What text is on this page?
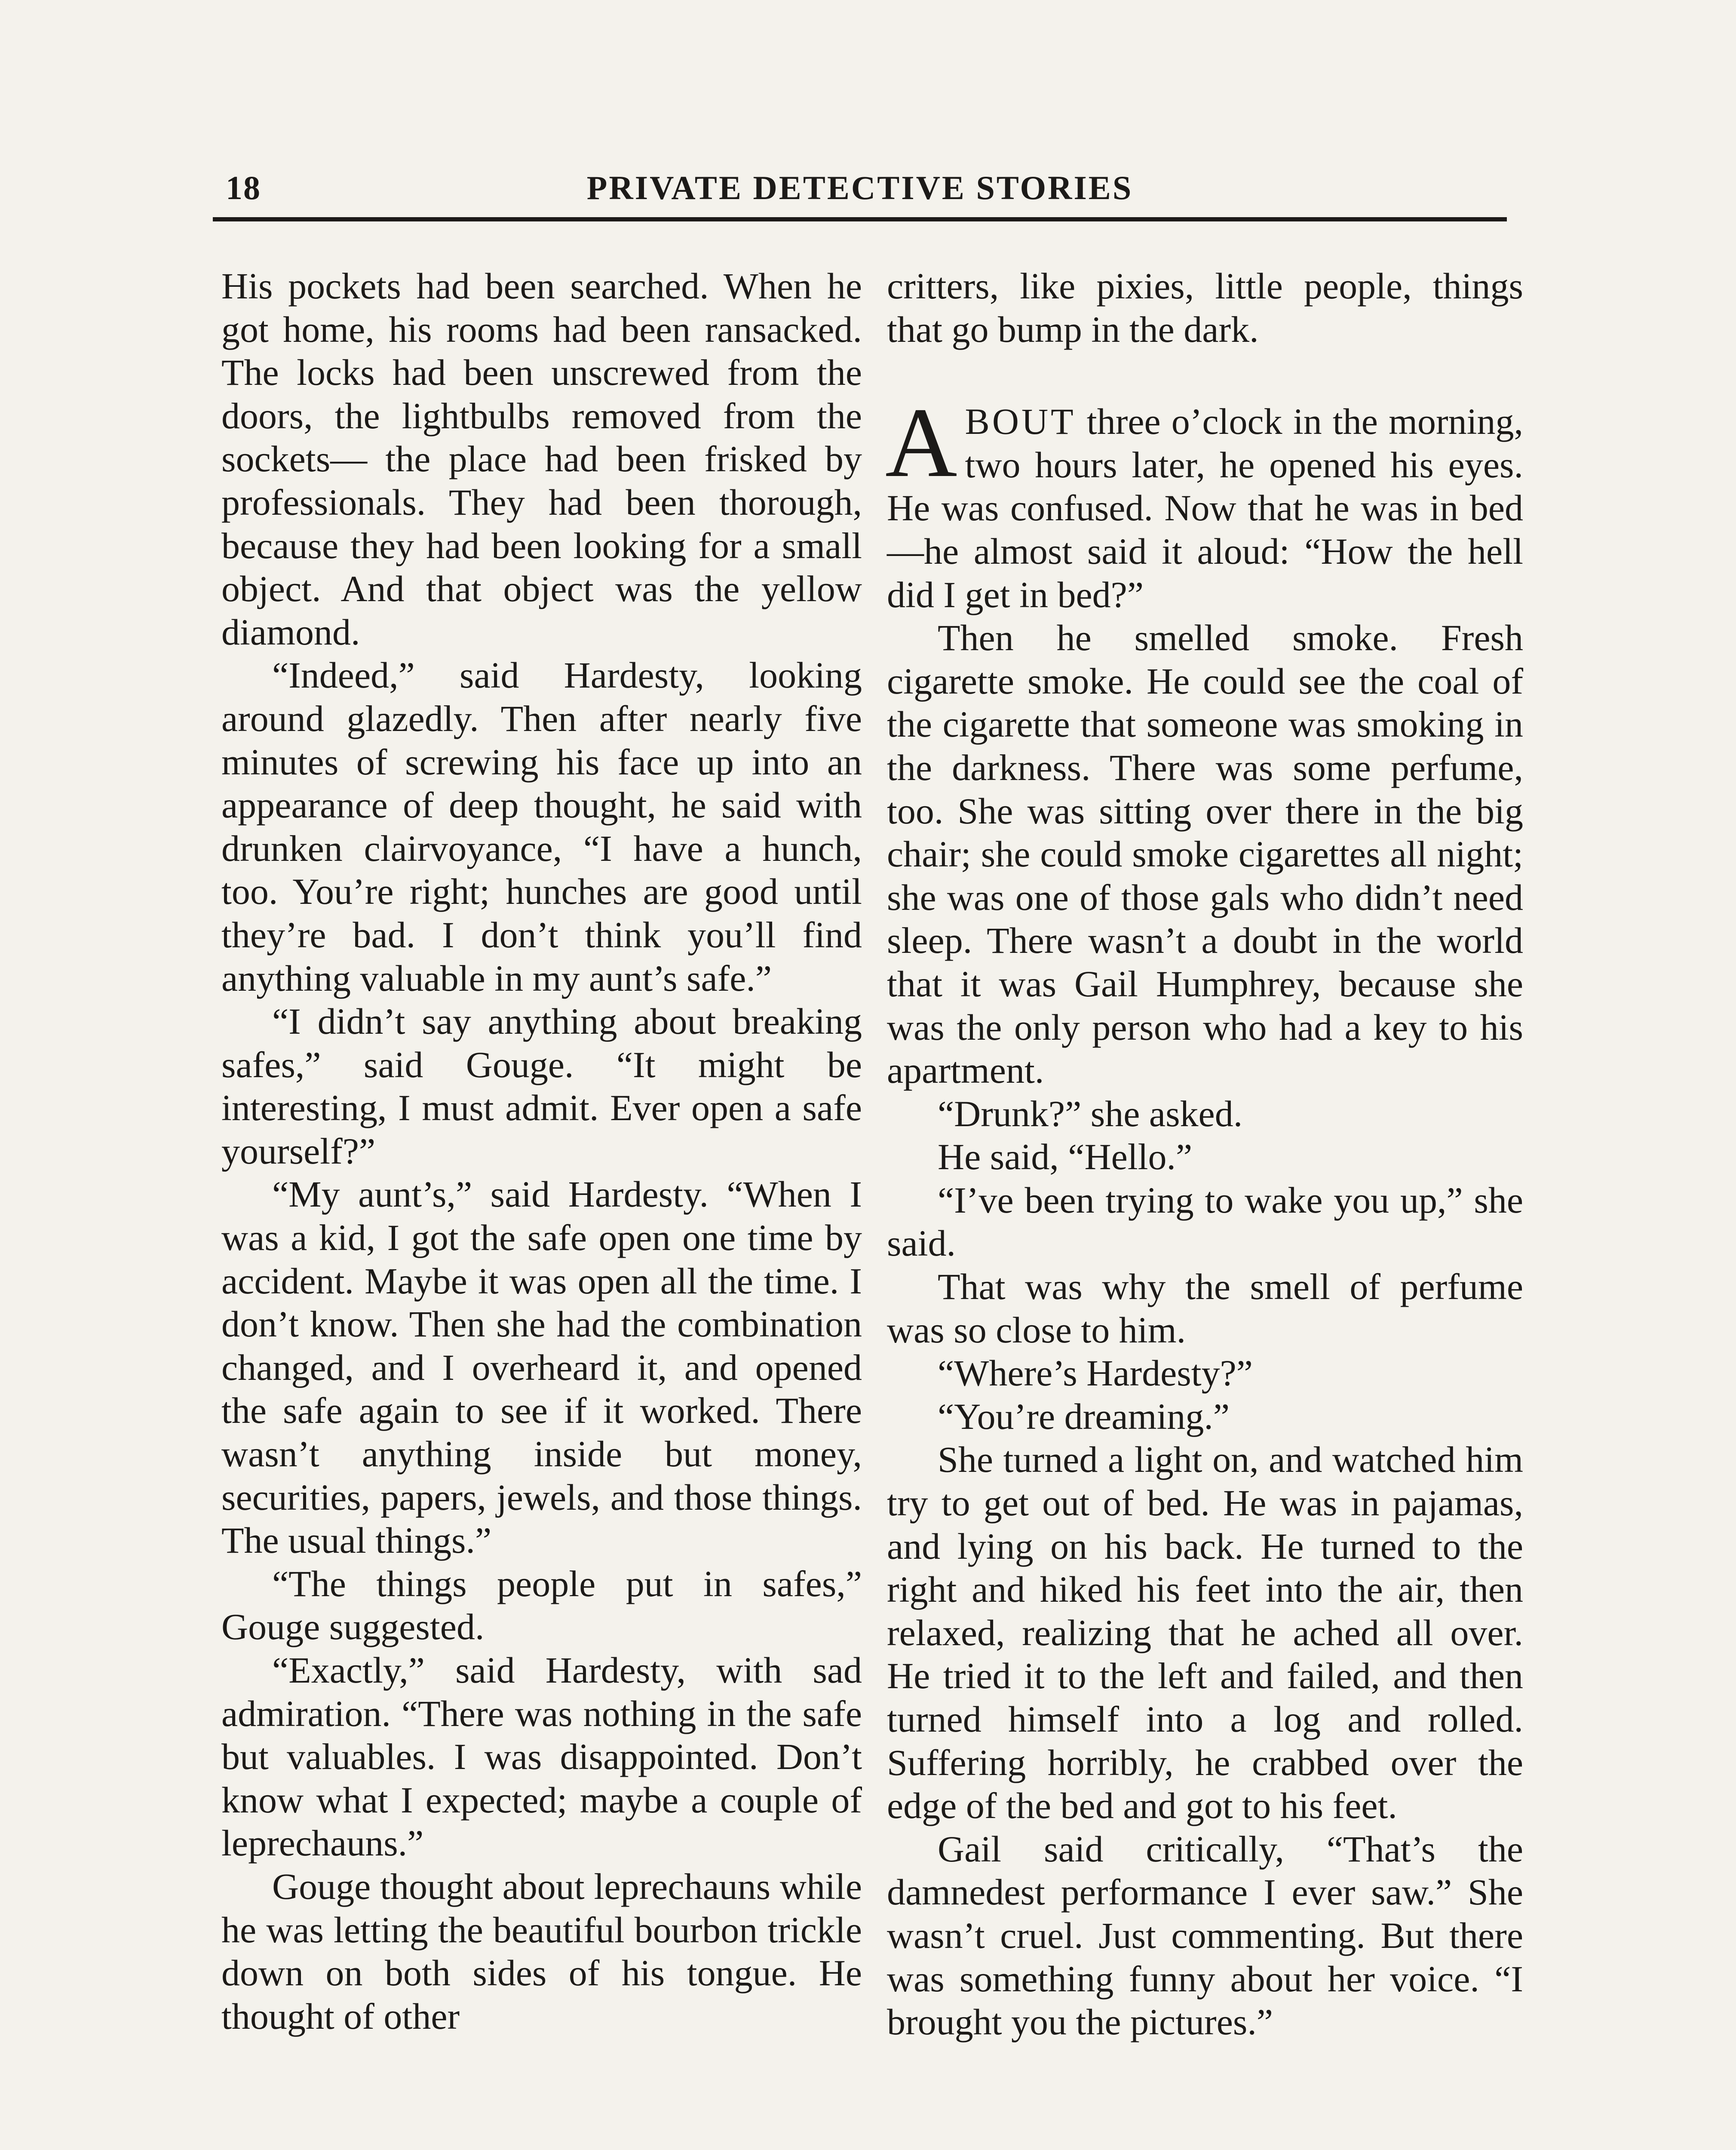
18	PRIVATE DETECTIVE STORIES

His pockets had been searched. When he got home, his rooms had been ransacked. The locks had been unscrewed from the doors, the lightbulbs removed from the sockets— the place had been frisked by professionals. They had been thorough, because they had been looking for a small object. And that object was the yellow diamond.

“Indeed,” said Hardesty, looking around glazedly. Then after nearly five minutes of screwing his face up into an appearance of deep thought, he said with drunken clairvoyance, “I have a hunch, too. You’re right; hunches are good until they’re bad. I don’t think you’ll find anything valuable in my aunt’s safe.”

“I didn’t say anything about breaking safes,” said Gouge. “It might be interesting, I must admit. Ever open a safe yourself?”

“My aunt’s,” said Hardesty. “When I was a kid, I got the safe open one time by accident. Maybe it was open all the time. I don’t know. Then she had the combination changed, and I overheard it, and opened the safe again to see if it worked. There wasn’t anything inside but money, securities, papers, jewels, and those things. The usual things.”

“The things people put in safes,” Gouge suggested.

“Exactly,” said Hardesty, with sad admiration. “There was nothing in the safe but valuables. I was disappointed. Don’t know what I expected; maybe a couple of leprechauns.”

Gouge thought about leprechauns while he was letting the beautiful bourbon trickle down on both sides of his tongue. He thought of other

critters, like pixies, little people, things that go bump in the dark.

ABOUT three o’clock in the morning, two hours later, he opened his eyes. He was confused. Now that he was in bed—he almost said it aloud: “How the hell did I get in bed?”

Then he smelled smoke. Fresh cigarette smoke. He could see the coal of the cigarette that someone was smoking in the darkness. There was some perfume, too. She was sitting over there in the big chair; she could smoke cigarettes all night; she was one of those gals who didn’t need sleep. There wasn’t a doubt in the world that it was Gail Humphrey, because she was the only person who had a key to his apartment.

“Drunk?” she asked.

He said, “Hello.”

“I’ve been trying to wake you up,” she said.

That was why the smell of perfume was so close to him.

“Where’s Hardesty?”

“You’re dreaming.”

She turned a light on, and watched him try to get out of bed. He was in pajamas, and lying on his back. He turned to the right and hiked his feet into the air, then relaxed, realizing that he ached all over. He tried it to the left and failed, and then turned himself into a log and rolled. Suffering horribly, he crabbed over the edge of the bed and got to his feet.

Gail said critically, “That’s the damnedest performance I ever saw.” She wasn’t cruel. Just commenting. But there was something funny about her voice. “I brought you the pictures.”
